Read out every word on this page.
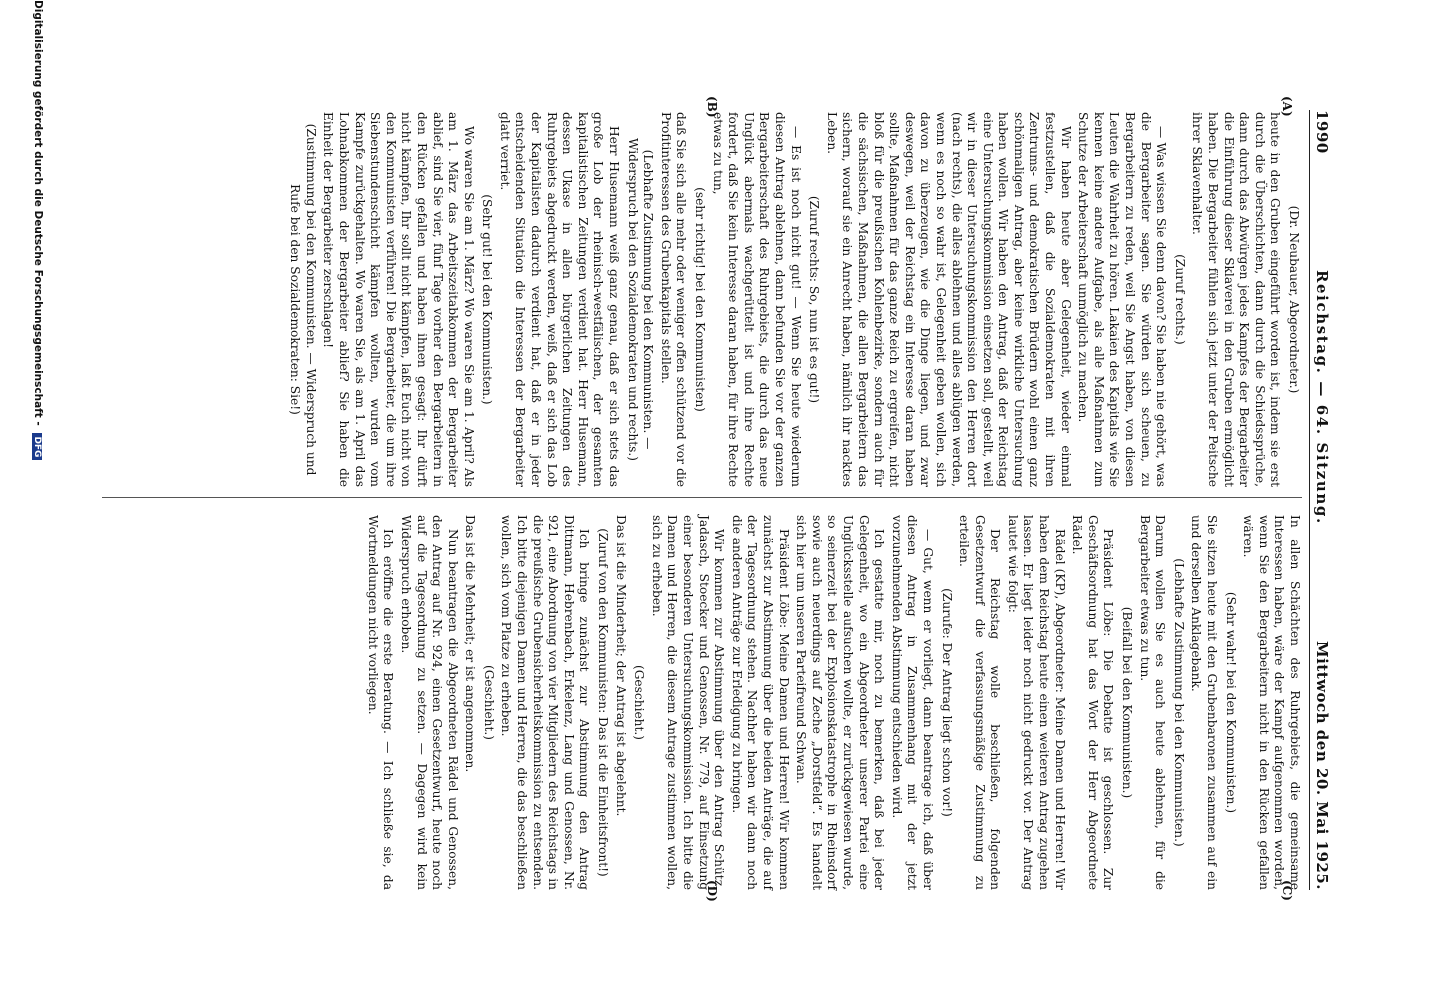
1990
Reichstag. — 64. Sitzung.
Mittwoch den 20. Mai 1925.
(A)
(B)
(C)
(D)

(Dr. Neubauer, Abgeordneter.)

heute in den Gruben eingeführt worden ist, indem sie erst durch die Überschichten, dann durch die Schiedssprüche, dann durch das Abwürgen jedes Kampfes der Bergarbeiter die Einführung dieser Sklaverei in den Gruben ermöglicht haben. Die Bergarbeiter fühlen sich jetzt unter der Peitsche ihrer Sklavenhalter.

(Zuruf rechts.)

— Was wissen Sie denn davon? Sie haben nie gehört, was die Bergarbeiter sagen. Sie würden sich scheuen, zu Bergarbeitern zu reden, weil Sie Angst haben, von diesen Leuten die Wahrheit zu hören. Lakaien des Kapitals wie Sie kennen keine andere Aufgabe, als alle Maßnahmen zum Schutze der Arbeiterschaft unmöglich zu machen.

Wir haben heute aber Gelegenheit, wieder einmal festzustellen, daß die Sozialdemokraten mit ihren Zentrums- und demokratischen Brüdern wohl einen ganz schönmaligen Antrag, aber keine wirkliche Untersuchung haben wollen. Wir haben den Antrag, daß der Reichstag eine Untersuchungskommission einsetzen soll, gestellt, weil wir in dieser Untersuchungskommission den Herren dort (nach rechts), die alles ablehnen und alles ablügen werden, wenn es noch so wahr ist, Gelegenheit geben wollen, sich davon zu überzeugen, wie die Dinge liegen, und zwar deswegen, weil der Reichstag ein Interesse daran haben sollte, Maßnahmen für das ganze Reich zu ergreifen, nicht bloß für die preußischen Kohlenbezirke, sondern auch für die sächsischen, Maßnahmen, die allen Bergarbeitern das sichern, worauf sie ein Anrecht haben, nämlich ihr nacktes Leben.

(Zuruf rechts: So, nun ist es gut!)

— Es ist noch nicht gut! — Wenn Sie heute wiederum diesen Antrag ablehnen, dann befunden Sie vor der ganzen Bergarbeiterschaft des Ruhrgebiets, die durch das neue Unglück abermals wachgerüttelt ist und ihre Rechte fordert, daß Sie kein Interesse daran haben, für ihre Rechte etwas zu tun,

(sehr richtig! bei den Kommunisten)

daß Sie sich alle mehr oder weniger offen schützend vor die Profitinteressen des Grubenkapitals stellen.

(Lebhafte Zustimmung bei den Kommunisten. — Widerspruch bei den Sozialdemokraten und rechts.)

Herr Husemann weiß ganz genau, daß er sich stets das große Lob der rheinisch-westfälischen, der gesamten kapitalistischen Zeitungen verdient hat. Herr Husemann, dessen Ukase in allen bürgerlichen Zeitungen des Ruhrgebiets abgedruckt werden, weiß, daß er sich das Lob der Kapitalisten dadurch verdient hat, daß er in jeder entscheidenden Situation die Interessen der Bergarbeiter glatt verriet.

(Sehr gut! bei den Kommunisten.)

Wo waren Sie am 1. März? Wo waren Sie am 1. April? Als am 1. März das Arbeitszeitabkommen der Bergarbeiter ablief, sind Sie vier, fünf Tage vorher den Bergarbeitern in den Rücken gefallen und haben ihnen gesagt: Ihr dürft nicht kämpfen, Ihr sollt nicht kämpfen, laßt Euch nicht von den Kommunisten verführen! Die Bergarbeiter, die um ihre Siebenstundenschicht kämpfen wollten, wurden vom Kampfe zurückgehalten. Wo waren Sie, als am 1. April das Lohnabkommen der Bergarbeiter ablief? Sie haben die Einheit der Bergarbeiter zerschlagen!

(Zustimmung bei den Kommunisten. — Widerspruch und Rufe bei den Sozialdemokraten: Sie!)

In allen Schächten des Ruhrgebiets, die gemeinsame Interessen haben, wäre der Kampf aufgenommen worden, wenn Sie den Bergarbeitern nicht in den Rücken gefallen wären.

(Sehr wahr! bei den Kommunisten.)

Sie sitzen heute mit den Grubenbaronen zusammen auf ein und derselben Anklagebank.

(Lebhafte Zustimmung bei den Kommunisten.)

Darum wollen Sie es auch heute ablehnen, für die Bergarbeiter etwas zu tun.

(Beifall bei den Kommunisten.)

Präsident Löbe: Die Debatte ist geschlossen. Zur Geschäftsordnung hat das Wort der Herr Abgeordnete Rädel.

Rädel (KP), Abgeordneter: Meine Damen und Herren! Wir haben dem Reichstag heute einen weiteren Antrag zugehen lassen. Er liegt leider noch nicht gedruckt vor. Der Antrag lautet wie folgt:

Der Reichstag wolle beschließen, folgenden Gesetzentwurf die verfassungsmäßige Zustimmung zu erteilen.

(Zurufe: Der Antrag liegt schon vor!)

— Gut, wenn er vorliegt, dann beantrage ich, daß über diesen Antrag in Zusammenhang mit der jetzt vorzunehmenden Abstimmung entschieden wird.

Ich gestatte mir, noch zu bemerken, daß bei jeder Gelegenheit, wo ein Abgeordneter unserer Partei eine Unglücksstelle aufsuchen wollte, er zurückgewiesen wurde, so seinerzeit bei der Explosionskatastrophe in Rheinsdorf sowie auch neuerdings auf Zeche „Dorstfeld“. Es handelt sich hier um unseren Parteifreund Schwan.

Präsident Löbe: Meine Damen und Herren! Wir kommen zunächst zur Abstimmung über die beiden Anträge, die auf der Tagesordnung stehen. Nachher haben wir dann noch die anderen Anträge zur Erledigung zu bringen.

Wir kommen zur Abstimmung über den Antrag Schütz, Jadasch, Stoecker und Genossen, Nr. 779, auf Einsetzung einer besonderen Untersuchungskommission. Ich bitte die Damen und Herren, die diesem Antrage zustimmen wollen, sich zu erheben.

(Geschieht.)

Das ist die Minderheit; der Antrag ist abgelehnt.

(Zuruf von den Kommunisten: Das ist die Einheitsfront!)

Ich bringe zunächst zur Abstimmung den Antrag Dittmann, Hebrenbach, Erkelenz, Lang und Genossen, Nr. 921, eine Abordnung von vier Mitgliedern des Reichstags in die preußische Grubensicherheitskommission zu entsenden. Ich bitte diejenigen Damen und Herren, die das beschließen wollen, sich vom Platze zu erheben.

(Geschieht.)

Das ist die Mehrheit; er ist angenommen.

Nun beantragen die Abgeordneten Rädel und Genossen, den Antrag auf Nr. 924, einen Gesetzentwurf, heute noch auf die Tagesordnung zu setzen. — Dagegen wird kein Widerspruch erhoben.

Ich eröffne die erste Beratung. — Ich schließe sie, da Wortmeldungen nicht vorliegen.

Digitalisierung gefördert durch die Deutsche Forschungsgemeinschaft - DFG
